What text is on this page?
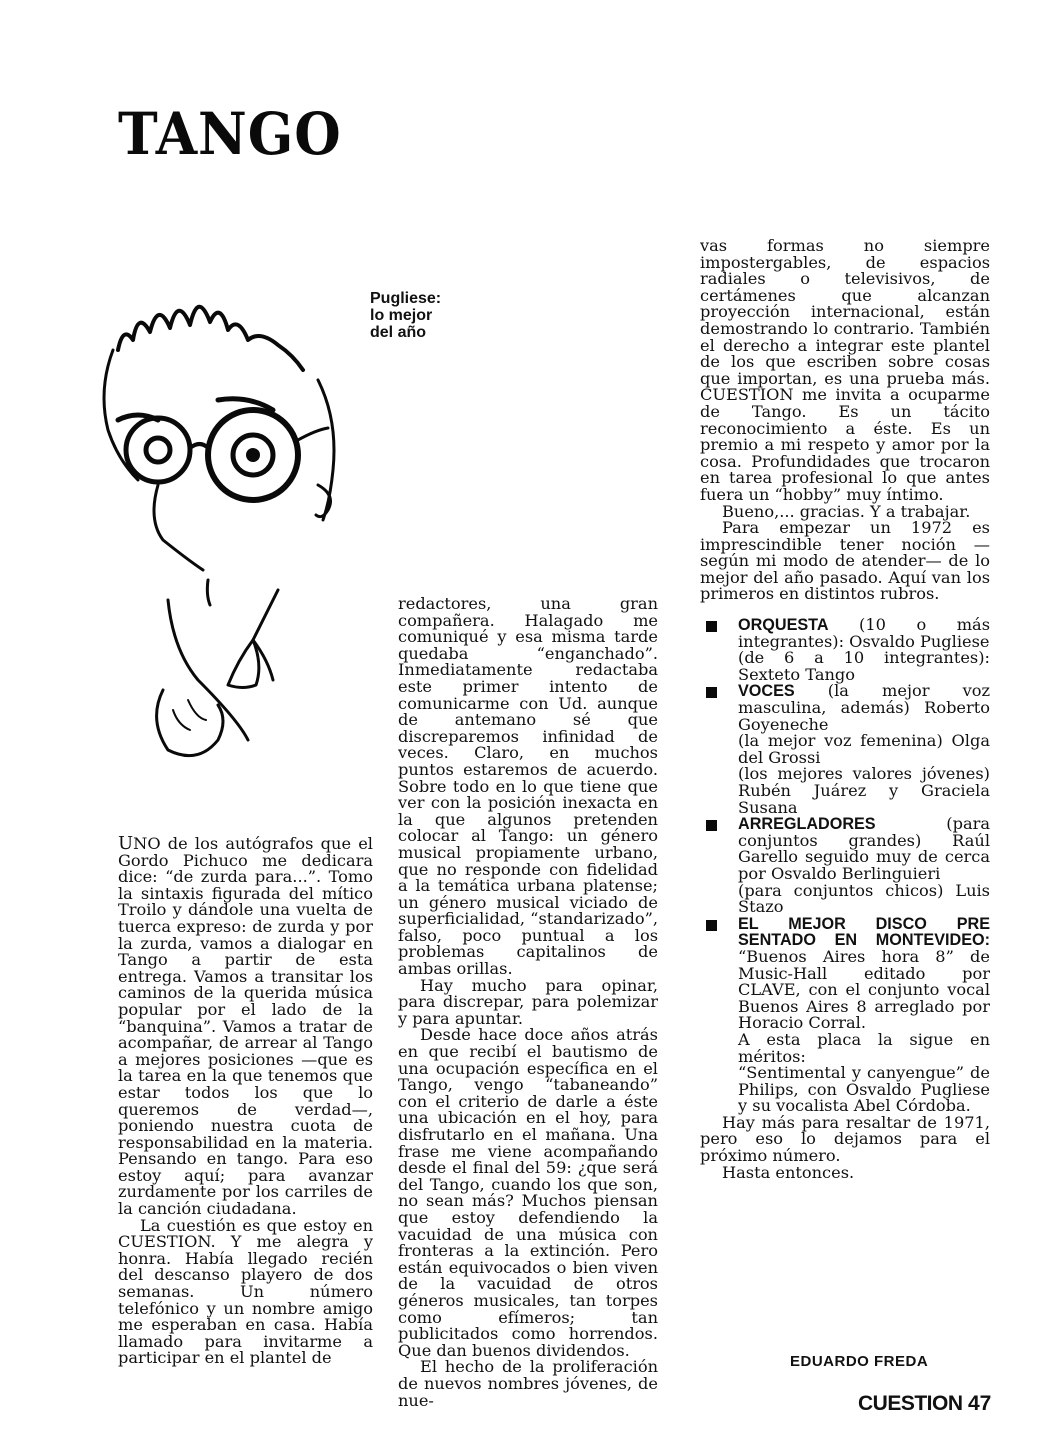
TANGO
Pugliese:
lo mejor
del año

UNO de los autógrafos que el Gordo Pichuco me dedicara dice: “de zurda para...”. Tomo la sintaxis figurada del mítico Troilo y dándole una vuelta de tuerca expreso: de zurda y por la zurda, vamos a dialogar en Tango a partir de esta entrega. Vamos a transitar los caminos de la querida música popular por el lado de la “banquina”. Vamos a tratar de acompañar, de arrear al Tango a mejores posiciones —que es la tarea en la que tenemos que estar todos los que lo queremos de verdad—, poniendo nuestra cuota de responsabilidad en la materia. Pensando en tango. Para eso estoy aquí; para avanzar zurdamente por los carriles de la canción ciudadana.

La cuestión es que estoy en CUESTION. Y me alegra y honra. Había llegado recién del descanso playero de dos semanas. Un número telefónico y un nombre amigo me esperaban en casa. Había llamado para invitarme a participar en el plantel de

redactores, una gran compañera. Halagado me comuniqué y esa misma tarde quedaba “enganchado”. Inmediatamente redactaba este primer intento de comunicarme con Ud. aunque de antemano sé que discreparemos infinidad de veces. Claro, en muchos puntos estaremos de acuerdo. Sobre todo en lo que tiene que ver con la posición inexacta en la que algunos pretenden colocar al Tango: un género musical propiamente urbano, que no responde con fidelidad a la temática urbana platense; un género musical viciado de superficialidad, “standarizado”, falso, poco puntual a los problemas capitalinos de ambas orillas.

Hay mucho para opinar, para discrepar, para polemizar y para apuntar.

Desde hace doce años atrás en que recibí el bautismo de una ocupación específica en el Tango, vengo “tabaneando” con el criterio de darle a éste una ubicación en el hoy, para disfrutarlo en el mañana. Una frase me viene acompañando desde el final del 59: ¿que será del Tango, cuando los que son, no sean más? Muchos piensan que estoy defendiendo la vacuidad de una música con fronteras a la extinción. Pero están equivocados o bien viven de la vacuidad de otros géneros musicales, tan torpes como efímeros; tan publicitados como horrendos. Que dan buenos dividendos.

El hecho de la proliferación de nuevos nombres jóvenes, de nue-

vas formas no siempre impostergables, de espacios radiales o televisivos, de certámenes que alcanzan proyección internacional, están demostrando lo contrario. También el derecho a integrar este plantel de los que escriben sobre cosas que importan, es una prueba más. CUESTION me invita a ocuparme de Tango. Es un tácito reconocimiento a éste. Es un premio a mi respeto y amor por la cosa. Profundidades que trocaron en tarea profesional lo que antes fuera un “hobby” muy íntimo.

Bueno,... gracias. Y a trabajar.

Para empezar un 1972 es imprescindible tener noción —según mi modo de atender— de lo mejor del año pasado. Aquí van los primeros en distintos rubros.

ORQUESTA (10 o más integrantes): Osvaldo Pugliese
(de 6 a 10 integrantes): Sexteto Tango
VOCES (la mejor voz masculina, además) Roberto Goyeneche
(la mejor voz femenina) Olga del Grossi
(los mejores valores jóvenes) Rubén Juárez y Graciela Susana
ARREGLADORES (para conjuntos grandes) Raúl Garello seguido muy de cerca por Osvaldo Berlinguieri
(para conjuntos chicos) Luis Stazo
EL MEJOR DISCO PRE SENTADO EN MONTEVIDEO: “Buenos Aires hora 8” de Music-Hall editado por CLAVE, con el conjunto vocal Buenos Aires 8 arreglado por Horacio Corral.
A esta placa la sigue en méritos:
“Sentimental y canyengue” de Philips, con Osvaldo Pugliese y su vocalista Abel Córdoba.

Hay más para resaltar de 1971, pero eso lo dejamos para el próximo número.

Hasta entonces.

EDUARDO FREDA
CUESTION 47
